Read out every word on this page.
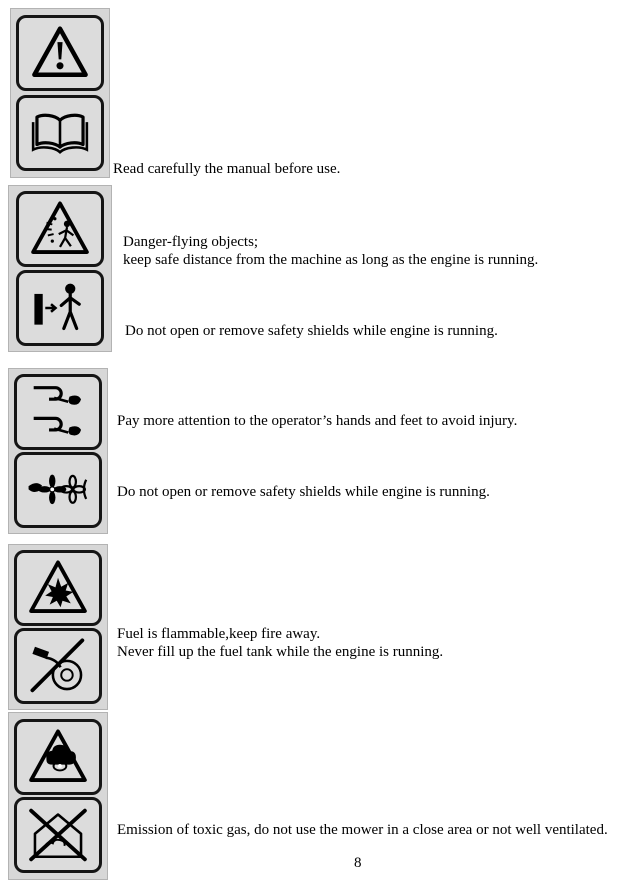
Read carefully the manual before use.
Danger-flying objects;
keep safe distance from the machine as long as the engine is running.
Do not open or remove safety shields while engine is running.
Pay more attention to the operator’s hands and feet to avoid injury.
Do not open or remove safety shields while engine is running.
Fuel is flammable,keep fire away.
Never fill up the fuel tank while the engine is running.
Emission of toxic gas, do not use the mower in a close area or not well ventilated.
8
